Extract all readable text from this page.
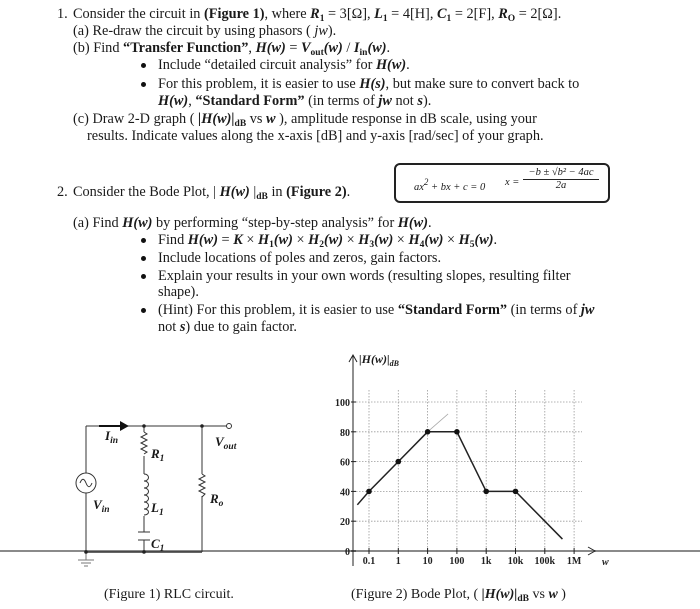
1. Consider the circuit in (Figure 1), where $R_1 = 3[\Omega]$, $L_1 = 4[H]$, $C_1 = 2[F]$, $R_O = 2[\Omega]$.
(a) Re-draw the circuit by using phasors ( jw).
(b) Find “Transfer Function”, $H(w) = V_{out}(w) / I_{in}(w)$.
Include “detailed circuit analysis” for H(w).
For this problem, it is easier to use H(s), but make sure to convert back to
H(w), “Standard Form” (in terms of jw not s).
(c) Draw 2-D graph ( $|H(w)|_{dB}$ vs w ), amplitude response in dB scale, using your
results. Indicate values along the x-axis [dB] and y-axis [rad/sec] of your graph.
ax2 + bx + c = 0 $x = \frac{\text{−b ± √b² − 4ac}}{2a}$
2. Consider the Bode Plot, | H(w) $|_{dB}$ in (Figure 2).
(a) Find H(w) by performing “step-by-step analysis” for H(w).
Find $H(w) = K \times H_1(w) \times H_2(w) \times H_3(w) \times H_4(w) \times H_5(w)$.
Include locations of poles and zeros, gain factors.
Explain your results in your own words (resulting slopes, resulting filter
shape).
(Hint) For this problem, it is easier to use “Standard Form” (in terms of jw
not s) due to gain factor.
$I_{in}$
$R_1$
$V_{out}$
$V_{in}$	$L_1$
$R_o$
$C_1$
(Figure 1) RLC circuit.
0
20
40
60
80
100
0.1 1 10 100 1k 10k 100k 1M w
$|H(w)|_{dB}$
(Figure 2) Bode Plot, ( $|H(w)|_{dB}$ vs w )
